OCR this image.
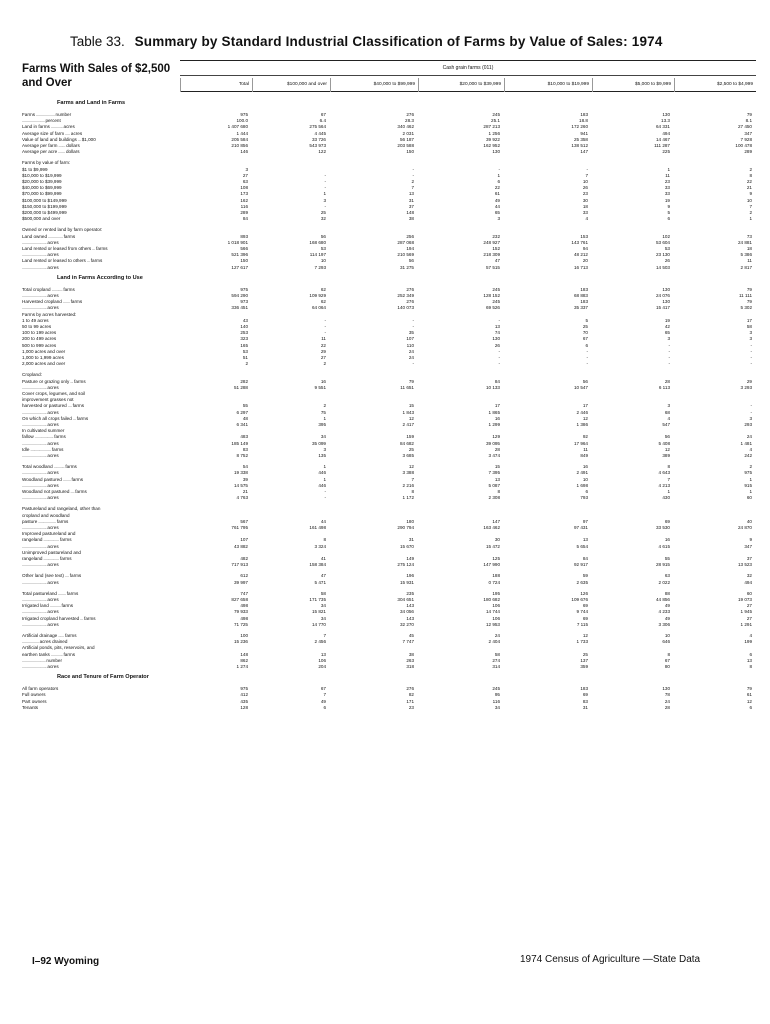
Table 33. Summary by Standard Industrial Classification of Farms by Value of Sales: 1974
Farms With Sales of $2,500 and Over
Cash grain farms (011)
Total	$100,000 and over	$40,000 to $99,999	$20,000 to $39,999	$10,000 to $19,999	$5,000 to $9,999	$2,500 to $4,999
Farms and Land in Farms
Farms ................... number	975	67	276	245	183	130	79
....................... percent	100.0	6.4	28.3	25.1	18.8	13.3	8.1
Land in farms ............ acres	1 407 680	275 564	340 462	287 213	172 260	64 331	27 450
Average size of farm ..... acres	1 444	4 445	2 031	1 256	941	494	347
Value of land and buildings ... $1,000	205 584	33 726	56 187	39 922	25 358	14 467	7 928
Average per farm ....... dollars	210 856	543 973	203 588	162 952	138 512	111 287	100 478
Average per acre ....... dollars	146	122	150	130	147	225	289
Farms by value of farm:
$1 to $9,999	3	-	-	-	1	2
$10,000 to $19,999	27	-	-	1	7	11	8
$20,000 to $39,999	63	-	2	6	10	23	22
$40,000 to $69,999	108	-	7	22	26	33	21
$70,000 to $99,999	173	1	13	61	23	33	9
$100,000 to $149,999	162	3	31	49	30	19	10
$150,000 to $199,999	116	-	37	44	18	9	7
$200,000 to $499,999	289	25	148	65	33	5	2
$500,000 and over	84	32	38	3	4	6	1
Owned or rented land by farm operator:
Land owned ............... farms	893	56	256	232	153	102	73
......................... acres	1 018 901	168 680	287 068	248 927	143 761	53 604	24 881
Land rented or leased from others ... farms	566	53	194	152	94	53	18
......................... acres	521 396	114 197	210 569	218 309	48 212	23 130	5 386
Land rented or leased to others ... farms	150	10	56	47	20	26	11
......................... acres	127 617	7 293	31 275	57 515	16 713	14 503	2 817
Land in Farms According to Use
Total cropland ........... farms	975	62	276	245	183	130	79
......................... acres	594 290	109 929	252 349	128 152	68 883	24 076	11 111
Harvested cropland ....... farms	973	62	276	245	183	130	79
......................... acres	336 451	64 064	140 073	69 526	35 337	15 417	5 302
Farms by acres harvested:
1 to 49 acres	43	-	-	-	5	19	17
50 to 99 acres	140	-	-	13	25	42	58
100 to 199 acres	253	-	35	74	70	65	3
200 to 499 acres	323	11	107	130	67	3	3
500 to 999 acres	165	22	110	26	6	-	-
1,000 acres and over	53	29	24	-	-	-	-
1,000 to 1,999 acres	51	27	24	-	-	-	-
2,000 acres and over	2	2	-	-	-	-	-
Cropland:
Pasture or grazing only ... farms	282	16	79	84	56	28	29
......................... acres	51 288	9 551	11 651	10 133	10 547	6 113	3 293
Cover crops, legumes, and soil
improvement grasses not
harvested or pastured .... farms	55	2	15	17	17	3	-
......................... acres	6 297	75	1 843	1 865	2 446	68	-
On which all crops failed ... farms	48	1	12	16	12	4	3
......................... acres	6 341	395	2 417	1 299	1 386	547	293
In cultivated summer
fallow ................... farms	483	34	159	129	92	56	24
......................... acres	185 149	35 099	84 682	39 095	17 964	5 408	1 481
Idle ..................... farms	83	3	25	28	11	12	4
......................... acres	8 752	135	3 685	3 474	849	389	242
Total woodland ........... farms	54	1	12	15	16	8	2
......................... acres	19 338	446	3 388	7 395	2 491	4 643	975
Woodland pastured ........ farms	39	1	7	13	10	7	1
......................... acres	14 575	446	2 216	5 087	1 698	4 213	915
Woodland not pastured .... farms	21	-	8	8	6	1	1
......................... acres	4 763	-	1 172	2 308	793	430	60
Pastureland and rangeland, other than
cropland and woodland
pasture .................. farms	567	44	180	147	97	69	40
......................... acres	761 795	161 498	290 794	163 462	97 431	33 530	24 870
Improved pastureland and
rangeland ................ farms	107	8	31	30	13	16	9
......................... acres	43 882	3 324	15 670	15 472	5 654	4 615	347
Unimproved pastureland and
rangeland ................ farms	482	41	149	125	84	55	37
......................... acres	717 913	158 384	275 124	147 990	92 917	28 915	13 523
Other land (see text) .... farms	612	47	196	188	59	63	32
......................... acres	39 997	5 471	15 931	0 724	2 635	2 022	494
Total pastureland ........ farms	747	58	235	195	126	88	60
......................... acres	827 658	171 735	304 651	180 682	109 676	44 856	19 073
Irrigated land ........... farms	498	34	143	106	69	49	27
......................... acres	79 933	15 821	34 056	14 744	9 744	4 233	1 945
Irrigated cropland harvested ... farms	498	34	143	106	69	49	27
......................... acres	71 725	14 770	32 270	12 953	7 115	3 306	1 291
Artificial drainage ...... farms	100	7	45	24	12	10	4
................. acres drained	15 236	2 456	7 747	2 404	1 733	646	199
Artificial ponds, pits, reservoirs, and
earthen tanks ............ farms	148	13	38	58	25	8	6
........................ number	862	106	263	274	137	67	13
......................... acres	1 274	204	318	314	359	80	8
Race and Tenure of Farm Operator
All farm operators	975	67	276	245	183	130	79
Full owners	412	7	82	95	69	78	61
Part owners	435	49	171	116	83	24	12
Tenants	128	6	23	34	31	28	6
I–92 Wyoming	1974 Census of Agriculture —State Data
